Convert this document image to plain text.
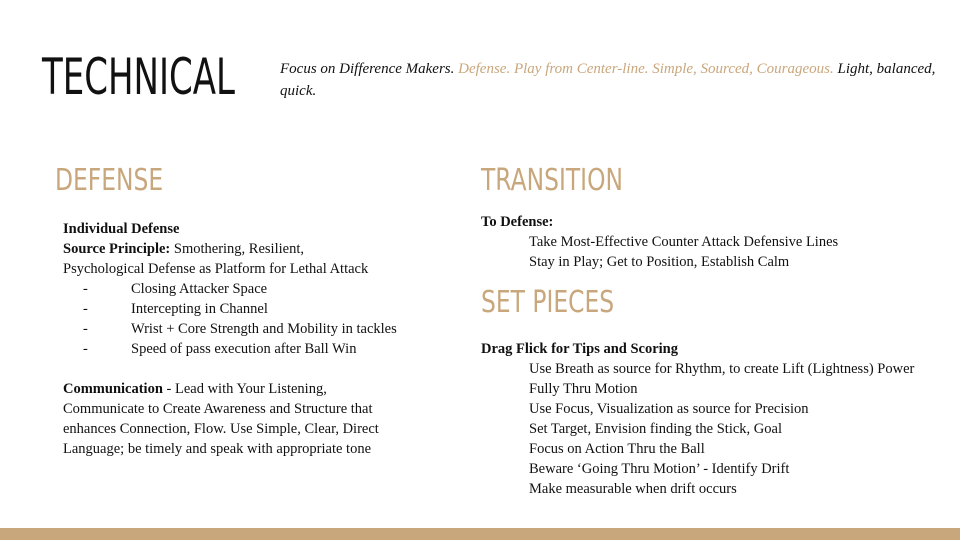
TECHNICAL	Focus on Difference Makers. Defense. Play from Center-line. Simple, Sourced, Courageous. Light, balanced, quick.
DEFENSE
Individual Defense
Source Principle: Smothering, Resilient,
Psychological Defense as Platform for Lethal Attack
-	Closing Attacker Space
-	Intercepting in Channel
-	Wrist + Core Strength and Mobility in tackles
-	Speed of pass execution after Ball Win
Communication - Lead with Your Listening,
Communicate to Create Awareness and Structure that
enhances Connection, Flow. Use Simple, Clear, Direct
Language; be timely and speak with appropriate tone
TRANSITION
To Defense:
Take Most-Effective Counter Attack Defensive Lines
Stay in Play; Get to Position, Establish Calm
SET PIECES
Drag Flick for Tips and Scoring
Use Breath as source for Rhythm, to create Lift (Lightness) Power
Fully Thru Motion
Use Focus, Visualization as source for Precision
Set Target, Envision finding the Stick, Goal
Focus on Action Thru the Ball
Beware ‘Going Thru Motion’ - Identify Drift
Make measurable when drift occurs
